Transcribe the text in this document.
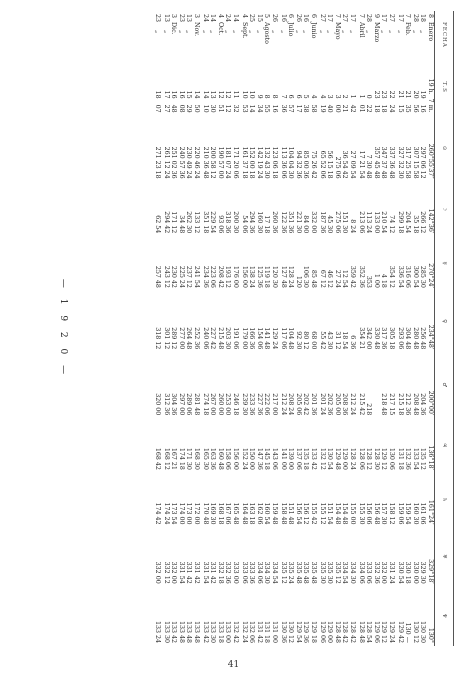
FECHA	T.S	⊙	☽	☿	♀	♂	♃	♄	♅	♆
8  Enero	19 h.  7 m.	260°55′37″	142°36′	270°24′	234°48′	200°00′	136°18′	161°24′	329°18′	130°
18    „	19   16	297 06 12	266 12	285 30	256 48	204 36	135 12	161 06	329 30	130 30
28    „	20   56	307 15 58	35 18	300 54	280 48	208 48	133 54	160 30	330 00	130 12
7  Feb.	21   35	317 25 58	204 54	316 06	304 48	212 36	132 36	159 54	330 18	130 —
17    „	21   15	327 32 30	299 18	336 54	293 06	215 18	131 18	159 06	330 54	129 42
27    „	22   24	337 36 48	74 12	354 12	305 18	217 15	130 06	158 12	331 24	129 24
17    „	23   18	347 37 48	210 54	4 18	317 36	218 48	129 12	157 30	332 00	129 12
9  Marzo	23   18	357 45 48	133 00	1 00	330 48		128 30	156 48	332 36	129 06
28    „	0   22	7 30 48	113 24	353	342 00	218	128 12	156 06	333 06	128 54
7  Abril	1   01	17 21 54	213 06	352 36	354 21	215 42	128 06	155 30	334 06	128 48
17    „	1   42	27 09 54	8 24	359 42	6 36	212 24	128 24	155 00	334 30	128 42
27    „	2   21	36 54 42	151 30	12 54	18 54	208 36	129 00	154 48	334 54	128 42
7  Mayo	3   00	275 06	275 06	27 24	31 12	205 00	129 48	154 48	335 12	128 48
17    „	3   40	56 15 18	45 30	46 12	43 30	202 36	130 54	151 54	335 30	129 00
27    „	4   19	65 52 06	187 36	67 12	55 42	201 24	132 12	155 12	335 30	129 06
6  Junio	4   58	75 26 42	332 00	85 48	68 00	201 36	133 42	155 42	335 48	129 18
16    „	5   38	85 00 36	84 00	106 30	80 12	202 42	135 18	156 12	335 48	129 36
26    „	6   17	94 32 36	221 30	120	92 30	205 06	137 06	156 54	335 48	129 54
6  Julio	6   57	104 04 30	351 36	128 24	104 48	208 24	139 00	151 48	335 24	130 12
16    „	7   36	113 36 06	122 36	127 48	117 06	212 24	141 00	158 48	335 12	130 36
26    „	8   16	123 06 18	260 36	120 30	129 24	217 00	143 06	159 48	334 54	131 00
5  Agosto	8   55	132 43 30	17 18	119 18	141 48	222 06	145 18	160 54	334 30	131 18
15    „	9   34	142 19 24	160 30	125 36	154 06	227 36	147 36	162 06	334 06	131 42
25    „	10   14	152 00 18	294 36	138 24	166 36	233 36	150 00	163 18	333 36	132 06
4  Sept.	10   53	161 37 18	54 06	156 00	179 00	239 30	152 24	164 48	333 06	132 24
14    „	11   32	171 20 06	200 30	176 00	191 06	246 18	156 00	165 48	333 00	132 42
24    „	12   12	181 07 24	318 36	193 12	203 30	253 00	158 06	167 06	332 36	133 00
4  Oct.	12   51	190 57 00	93 06	208 42	215 48	260 00	160 48	168 18	332 18	133 18
14    „	13   30	200 58 12	229 54	223 06	227 42	267 00	163 36	169 30	331 42	133 30
24    „	14   10	210 36 48	351 18	234 36	240 06	274 18	165 30	170 48	331 54	133 42
3  Nov.	14   50	220 46 24	133 12	241 54	252 36	281 48	168 30	172 00	331 42	133 48
13    „	15   29	230 49 24	262 30	237 12	264 48	289 06	171 30	173 00	331 42	133 48
23    „	16   08	240 57 36	34 48	225 24	277 00	297 00	174 18	174 00	331 54	133 48
3  Dic.	16   48	251 02 36	171 12	230 42	289 12	304 36	167 21	173 54	332 00	133 42
13    „	17   27	261 12 24	294 42	243 12	301 12	312 36	168 12	174 24	332 12	133 30
23    „	18   07	271 23 18	62 54	257 48	318 12	320 00	168 42	174 42	332 00	133 24
— 1 9 2 0 —
41
